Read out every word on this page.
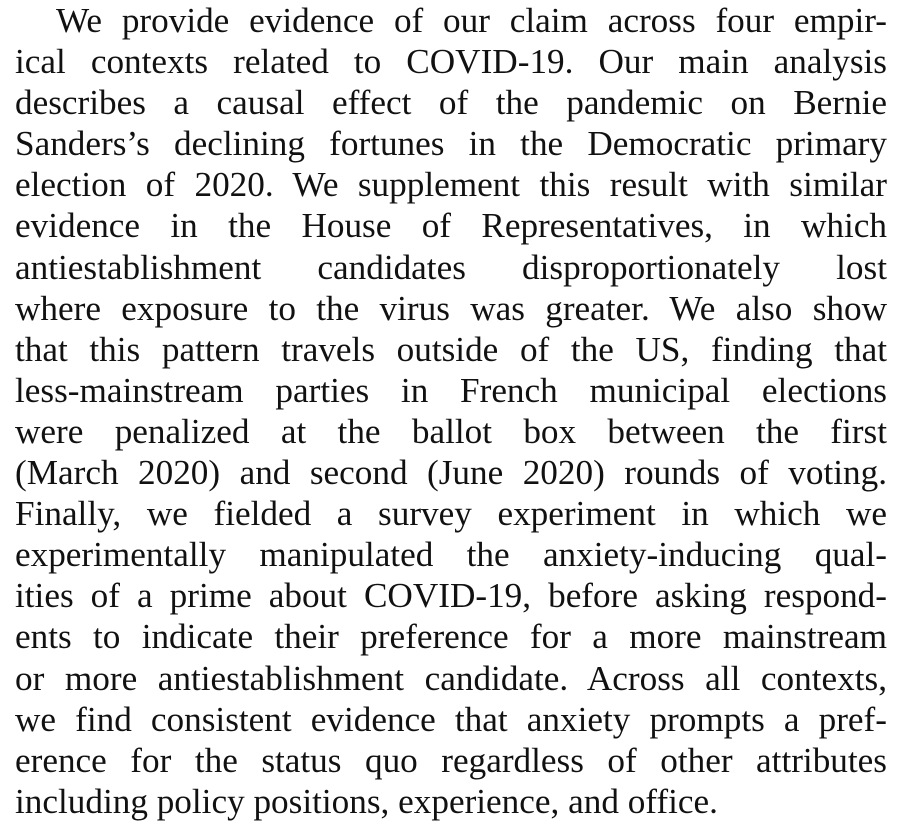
We provide evidence of our claim across four empir-
ical contexts related to COVID-19. Our main analysis
describes a causal effect of the pandemic on Bernie
Sanders’s declining fortunes in the Democratic primary
election of 2020. We supplement this result with similar
evidence in the House of Representatives, in which
antiestablishment candidates disproportionately lost
where exposure to the virus was greater. We also show
that this pattern travels outside of the US, finding that
less-mainstream parties in French municipal elections
were penalized at the ballot box between the first
(March 2020) and second (June 2020) rounds of voting.
Finally, we fielded a survey experiment in which we
experimentally manipulated the anxiety-inducing qual-
ities of a prime about COVID-19, before asking respond-
ents to indicate their preference for a more mainstream
or more antiestablishment candidate. Across all contexts,
we find consistent evidence that anxiety prompts a pref-
erence for the status quo regardless of other attributes
including policy positions, experience, and office.
